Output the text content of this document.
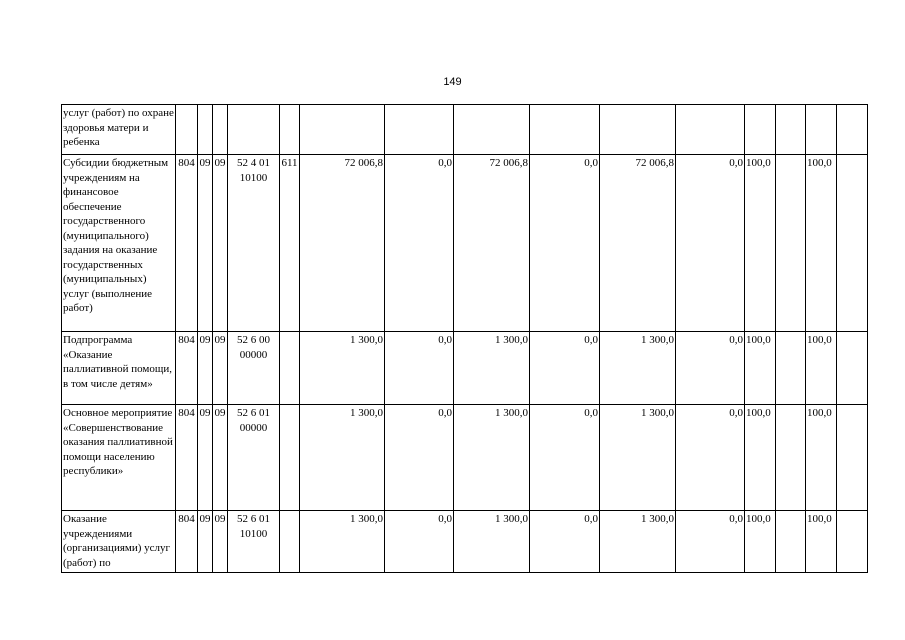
149
услуг (работ) по охране здоровья матери и ребенка															
Субсидии бюджетным учреждениям на финансовое обеспечение государственного (муниципального) задания на оказание государственных (муниципальных) услуг (выполнение работ)	804	09	09	52 4 01 10100	611	72 006,8	0,0	72 006,8	0,0	72 006,8	0,0	100,0		100,0	
Подпрограмма «Оказание паллиативной помощи, в том числе детям»	804	09	09	52 6 00 00000		1 300,0	0,0	1 300,0	0,0	1 300,0	0,0	100,0		100,0	
Основное мероприятие «Совершенствование оказания паллиативной помощи населению республики»	804	09	09	52 6 01 00000		1 300,0	0,0	1 300,0	0,0	1 300,0	0,0	100,0		100,0	
Оказание учреждениями (организациями) услуг (работ) по	804	09	09	52 6 01 10100		1 300,0	0,0	1 300,0	0,0	1 300,0	0,0	100,0		100,0	
